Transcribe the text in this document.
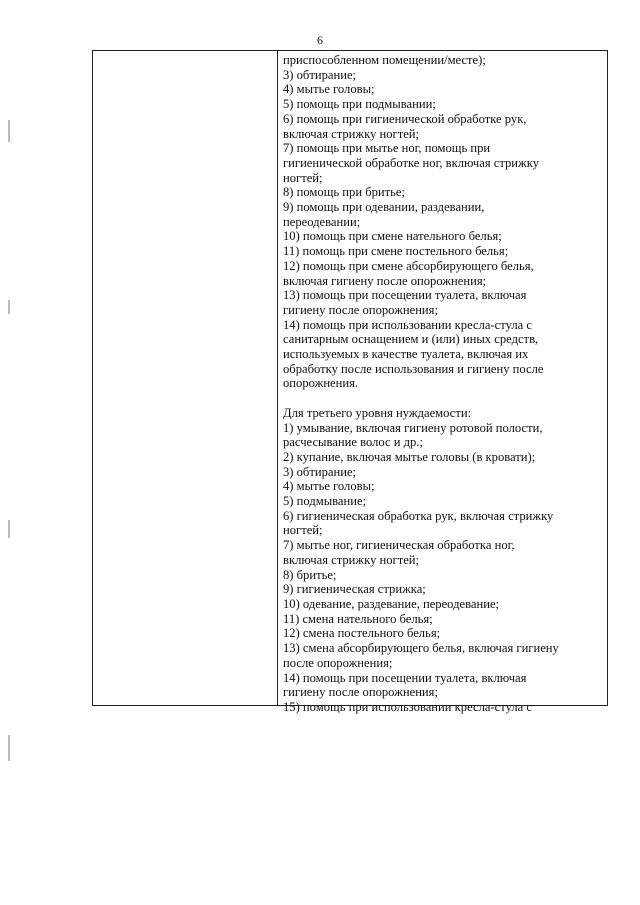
6
приспособленном помещении/месте);
3) обтирание;
4) мытье головы;
5) помощь при подмывании;
6) помощь при гигиенической обработке рук,
включая стрижку ногтей;
7) помощь при мытье ног, помощь при
гигиенической обработке ног, включая стрижку
ногтей;
8) помощь при бритье;
9) помощь при одевании, раздевании,
переодевании;
10) помощь при смене нательного белья;
11) помощь при смене постельного белья;
12) помощь при смене абсорбирующего белья,
включая гигиену после опорожнения;
13) помощь при посещении туалета, включая
гигиену после опорожнения;
14) помощь при использовании кресла-стула с
санитарным оснащением и (или) иных средств,
используемых в качестве туалета, включая их
обработку после использования и гигиену после
опорожнения.
Для третьего уровня нуждаемости:
1) умывание, включая гигиену ротовой полости,
расчесывание волос и др.;
2) купание, включая мытье головы (в кровати);
3) обтирание;
4) мытье головы;
5) подмывание;
6) гигиеническая обработка рук, включая стрижку
ногтей;
7) мытье ног, гигиеническая обработка ног,
включая стрижку ногтей;
8) бритье;
9) гигиеническая стрижка;
10) одевание, раздевание, переодевание;
11) смена нательного белья;
12) смена постельного белья;
13) смена абсорбирующего белья, включая гигиену
после опорожнения;
14) помощь при посещении туалета, включая
гигиену после опорожнения;
15) помощь при использовании кресла-стула с
